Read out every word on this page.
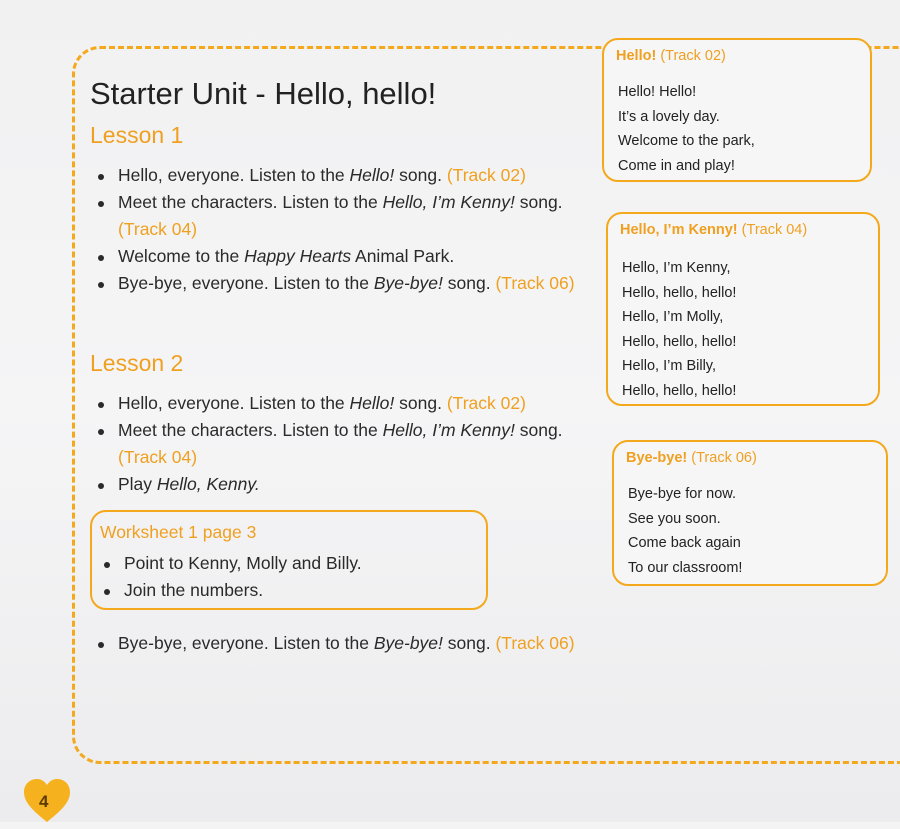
Starter Unit - Hello, hello!
Lesson 1
Hello, everyone. Listen to the Hello! song. (Track 02)
Meet the characters. Listen to the Hello, I’m Kenny! song.
(Track 04)
Welcome to the Happy Hearts Animal Park.
Bye-bye, everyone. Listen to the Bye-bye! song. (Track 06)
Lesson 2
Hello, everyone. Listen to the Hello! song. (Track 02)
Meet the characters. Listen to the Hello, I’m Kenny! song.
(Track 04)
Play Hello, Kenny.
Worksheet 1 page 3
Point to Kenny, Molly and Billy.
Join the numbers.
Bye-bye, everyone. Listen to the Bye-bye! song. (Track 06)
Hello! (Track 02)
Hello! Hello!
It’s a lovely day.
Welcome to the park,
Come in and play!
Hello, I’m Kenny! (Track 04)
Hello, I’m Kenny,
Hello, hello, hello!
Hello, I’m Molly,
Hello, hello, hello!
Hello, I’m Billy,
Hello, hello, hello!
Bye-bye! (Track 06)
Bye-bye for now.
See you soon.
Come back again
To our classroom!
4
